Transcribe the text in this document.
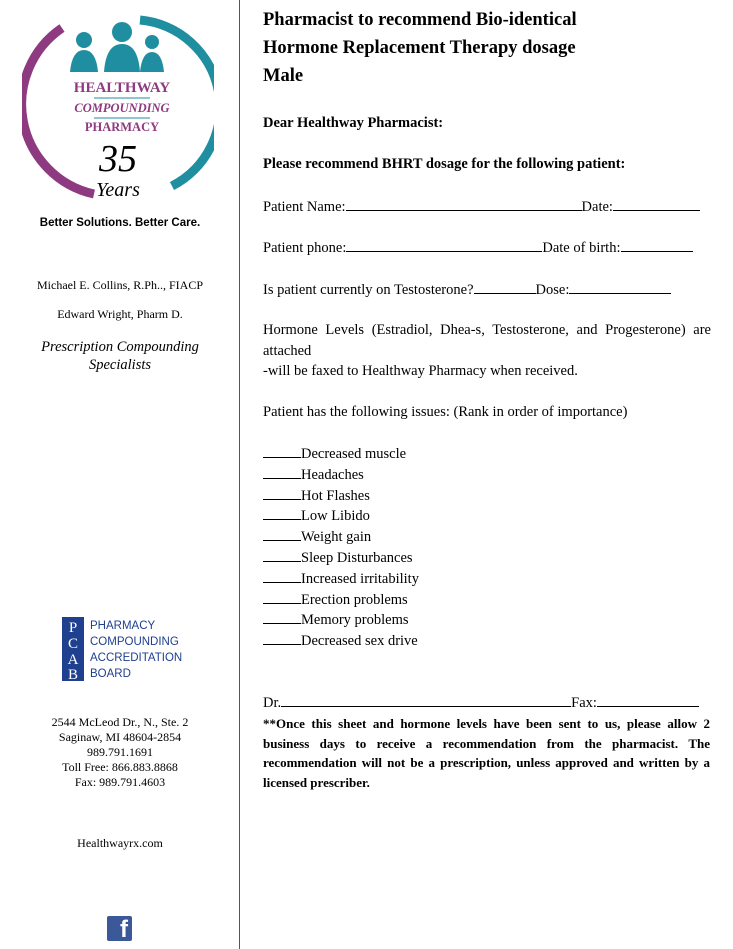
HEALTHWAY
COMPOUNDING
PHARMACY
35
Years
Better Solutions. Better Care.
Michael E. Collins, R.Ph.., FIACP
Edward Wright, Pharm D.
Prescription Compounding
Specialists
P
C
A
B
PHARMACY
COMPOUNDING
ACCREDITATION
BOARD
2544 McLeod Dr., N., Ste. 2
Saginaw, MI 48604-2854
989.791.1691
Toll Free: 866.883.8868
Fax: 989.791.4603
Healthwayrx.com
f
Pharmacist to recommend Bio-identical
Hormone Replacement Therapy dosage
Male
Dear Healthway Pharmacist:
Please recommend BHRT dosage for the following patient:
Patient Name:	Date:
Patient phone:	Date of birth:
Is patient currently on Testosterone?	Dose:
Hormone Levels (Estradiol, Dhea-s, Testosterone, and Progesterone) are attached
-will be faxed to Healthway Pharmacy when received.
Patient has the following issues: (Rank in order of importance)
Decreased muscle
Headaches
Hot Flashes
Low Libido
Weight gain
Sleep Disturbances
Increased irritability
Erection problems
Memory problems
Decreased sex drive
Dr.	Fax:
**Once this sheet and hormone levels have been sent to us, please allow 2 business days to receive a recommendation from the pharmacist. The recommendation will not be a prescription, unless approved and written by a licensed prescriber.
